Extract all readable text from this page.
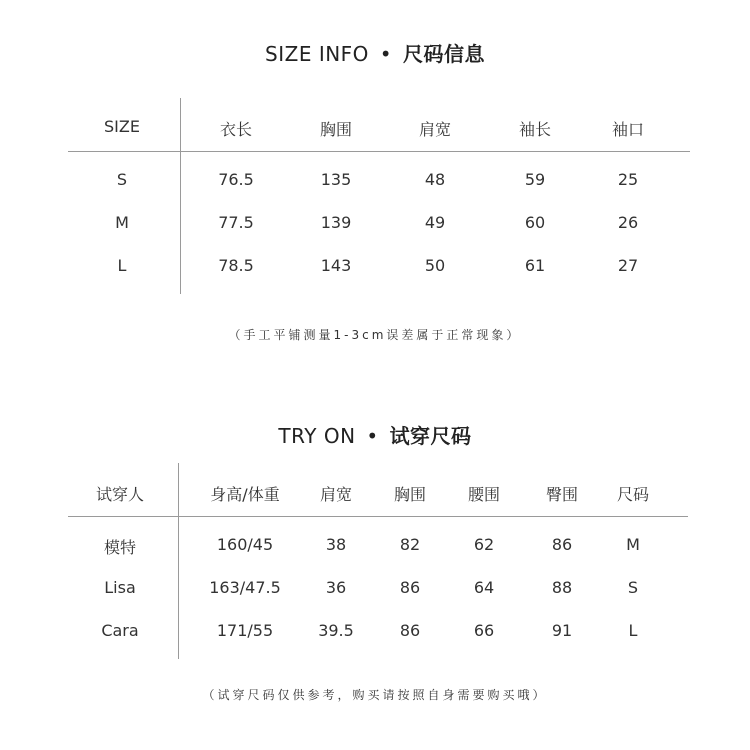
SIZE INFO • 尺码信息
SIZE	衣长	胸围	肩宽	袖长	袖口
S	76.5	135	48	59	25
M	77.5	139	49	60	26
L	78.5	143	50	61	27
（手工平铺测量1-3cm误差属于正常现象）
TRY ON • 试穿尺码
试穿人	身高/体重	肩宽	胸围	腰围	臀围 尺码
模特	160/45	38	82	62	86	M
Lisa	163/47.5	36	86	64	88	S
Cara	171/55	39.5	86	66	91	L
（试穿尺码仅供参考，购买请按照自身需要购买哦）
